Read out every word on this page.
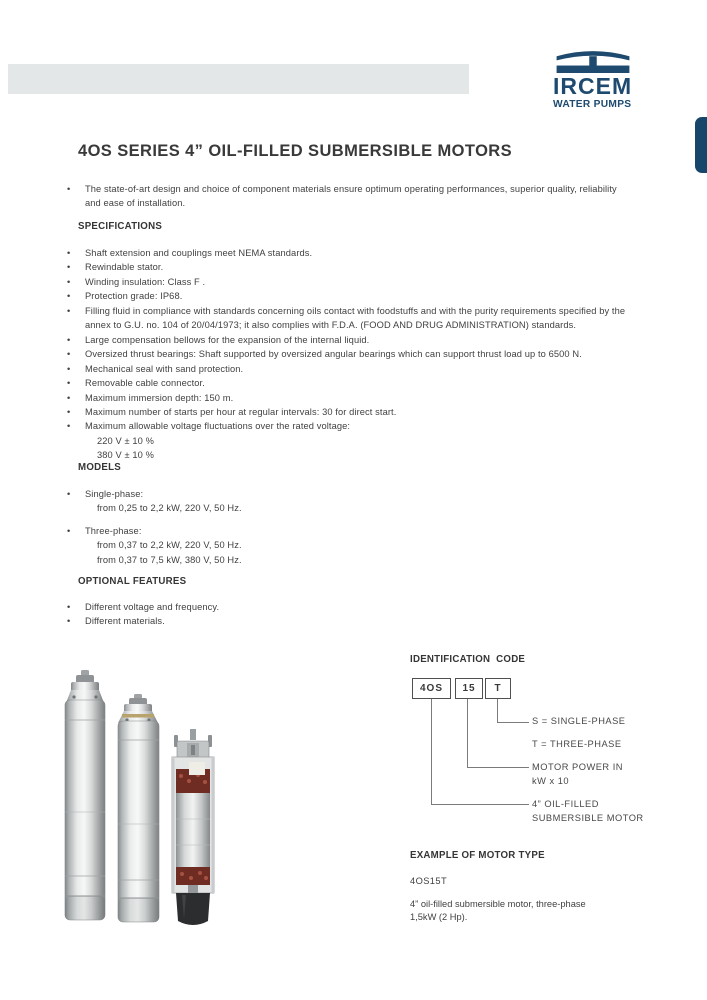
IRCEM
WATER PUMPS
4OS SERIES 4” OIL-FILLED SUBMERSIBLE MOTORS
• The state-of-art design and choice of component materials ensure optimum operating performances, superior quality, reliability and ease of installation.
SPECIFICATIONS
• Shaft extension and couplings meet NEMA standards.
• Rewindable stator.
• Winding insulation: Class F .
• Protection grade: IP68.
• Filling fluid in compliance with standards concerning oils contact with foodstuffs and with the purity requirements specified by the annex to G.U. no. 104 of 20/04/1973; it also complies with F.D.A. (FOOD AND DRUG ADMINISTRATION) standards.
• Large compensation bellows for the expansion of the internal liquid.
• Oversized thrust bearings: Shaft supported by oversized angular bearings which can support thrust load up to 6500 N.
• Mechanical seal with sand protection.
• Removable cable connector.
• Maximum immersion depth: 150 m.
• Maximum number of starts per hour at regular intervals: 30 for direct start.
• Maximum allowable voltage fluctuations over the rated voltage:
220 V ± 10 %
380 V ± 10 %
MODELS
• Single-phase:
from 0,25 to 2,2 kW, 220 V, 50 Hz.
• Three-phase:
from 0,37 to 2,2 kW, 220 V, 50 Hz.
from 0,37 to 7,5 kW, 380 V, 50 Hz.
OPTIONAL FEATURES
• Different voltage and frequency.
• Different materials.
IDENTIFICATION  CODE
4OS	15	T
S = SINGLE-PHASE
T = THREE-PHASE
MOTOR POWER IN
kW x 10
4” OIL-FILLED
SUBMERSIBLE MOTOR
EXAMPLE OF MOTOR TYPE
4OS15T
4” oil-filled submersible motor, three-phase
1,5kW (2 Hp).
